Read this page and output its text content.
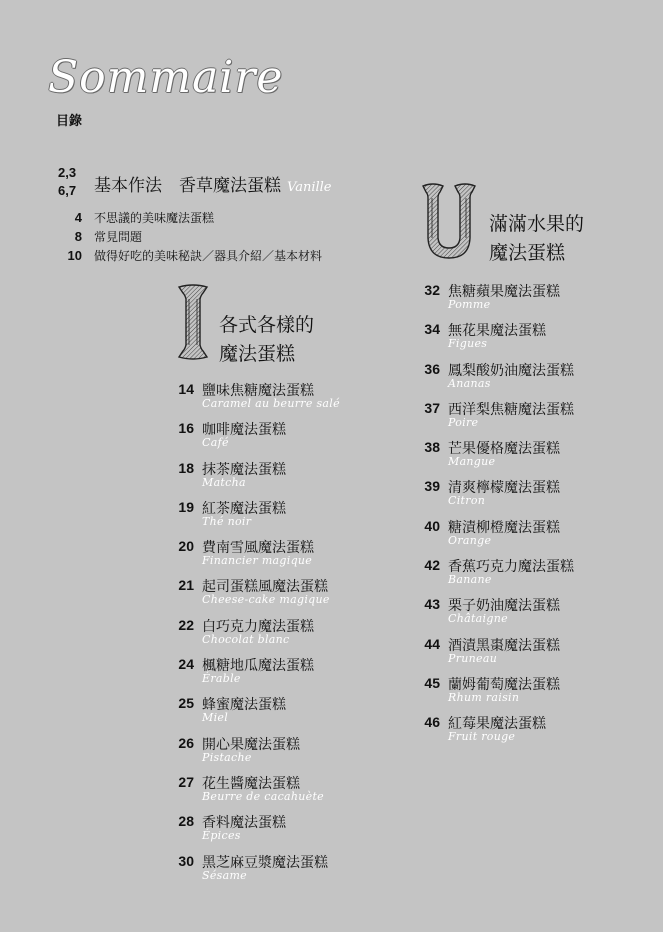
Sommaire
目錄
2,3
6,7 基本作法　香草魔法蛋糕 Vanille
4 不思議的美味魔法蛋糕
8 常見問題
10 做得好吃的美味秘訣／器具介紹／基本材料
各式各樣的
魔法蛋糕
滿滿水果的
魔法蛋糕
14 鹽味焦糖魔法蛋糕
Caramel au beurre salé
16 咖啡魔法蛋糕
Café
18 抹茶魔法蛋糕
Matcha
19 紅茶魔法蛋糕
Thé noir
20 費南雪風魔法蛋糕
Financier magique
21 起司蛋糕風魔法蛋糕
Cheese-cake magique
22 白巧克力魔法蛋糕
Chocolat blanc
24 楓糖地瓜魔法蛋糕
Érable
25 蜂蜜魔法蛋糕
Miel
26 開心果魔法蛋糕
Pistache
27 花生醬魔法蛋糕
Beurre de cacahuète
28 香料魔法蛋糕
Épices
30 黑芝麻豆漿魔法蛋糕
Sésame
32 焦糖蘋果魔法蛋糕
Pomme
34 無花果魔法蛋糕
Figues
36 鳳梨酸奶油魔法蛋糕
Ananas
37 西洋梨焦糖魔法蛋糕
Poire
38 芒果優格魔法蛋糕
Mangue
39 清爽檸檬魔法蛋糕
Citron
40 糖漬柳橙魔法蛋糕
Orange
42 香蕉巧克力魔法蛋糕
Banane
43 栗子奶油魔法蛋糕
Châtaigne
44 酒漬黑棗魔法蛋糕
Pruneau
45 蘭姆葡萄魔法蛋糕
Rhum raisin
46 紅莓果魔法蛋糕
Fruit rouge
